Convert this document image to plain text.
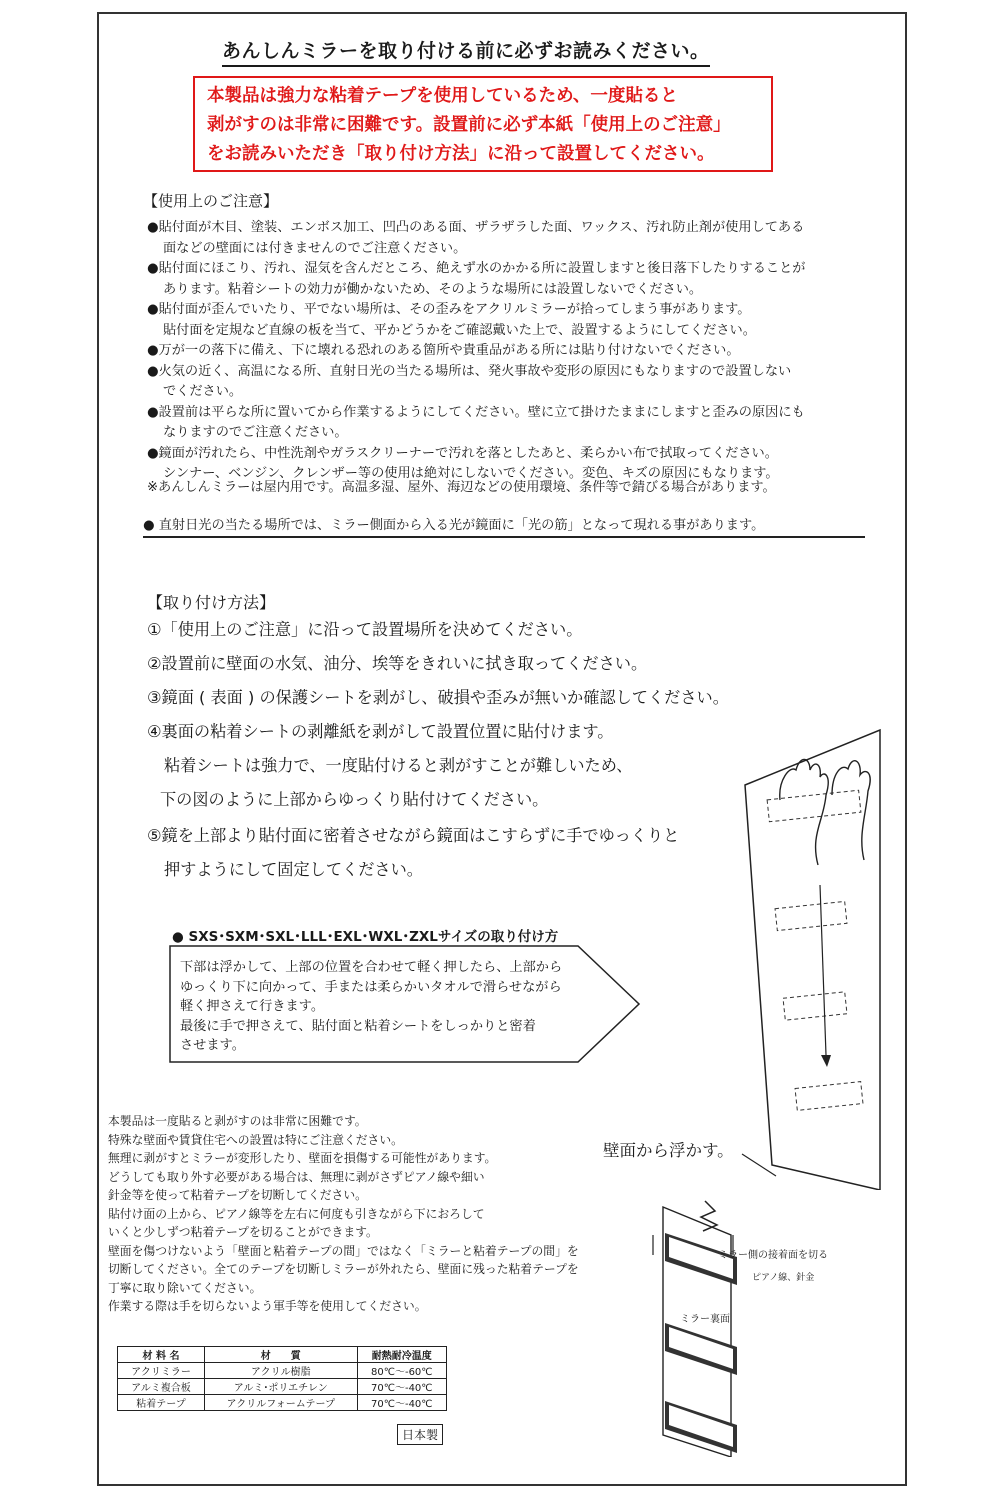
あんしんミラーを取り付ける前に必ずお読みください。
本製品は強力な粘着テープを使用しているため、一度貼ると
剥がすのは非常に困難です。設置前に必ず本紙「使用上のご注意」
をお読みいただき「取り付け方法」に沿って設置してください。
【使用上のご注意】
●貼付面が木目、塗装、エンボス加工、凹凸のある面、ザラザラした面、ワックス、汚れ防止剤が使用してある
面などの壁面には付きませんのでご注意ください。
●貼付面にほこり、汚れ、湿気を含んだところ、絶えず水のかかる所に設置しますと後日落下したりすることが
あります。粘着シートの効力が働かないため、そのような場所には設置しないでください。
●貼付面が歪んでいたり、平でない場所は、その歪みをアクリルミラーが拾ってしまう事があります。
貼付面を定規など直線の板を当て、平かどうかをご確認戴いた上で、設置するようにしてください。
●万が一の落下に備え、下に壊れる恐れのある箇所や貴重品がある所には貼り付けないでください。
●火気の近く、高温になる所、直射日光の当たる場所は、発火事故や変形の原因にもなりますので設置しない
でください。
●設置前は平らな所に置いてから作業するようにしてください。壁に立て掛けたままにしますと歪みの原因にも
なりますのでご注意ください。
●鏡面が汚れたら、中性洗剤やガラスクリーナーで汚れを落としたあと、柔らかい布で拭取ってください。
シンナー、ベンジン、クレンザー等の使用は絶対にしないでください。変色、キズの原因にもなります。
※あんしんミラーは屋内用です。高温多湿、屋外、海辺などの使用環境、条件等で錆びる場合があります。
● 直射日光の当たる場所では、ミラー側面から入る光が鏡面に「光の筋」となって現れる事があります。
【取り付け方法】
①「使用上のご注意」に沿って設置場所を決めてください。
②設置前に壁面の水気、油分、埃等をきれいに拭き取ってください。
③鏡面 ( 表面 ) の保護シートを剥がし、破損や歪みが無いか確認してください。
④裏面の粘着シートの剥離紙を剥がして設置位置に貼付けます。
粘着シートは強力で、一度貼付けると剥がすことが難しいため、
下の図のように上部からゆっくり貼付けてください。
⑤鏡を上部より貼付面に密着させながら鏡面はこすらずに手でゆっくりと
押すようにして固定してください。
● SXS･SXM･SXL･LLL･EXL･WXL･ZXLサイズの取り付け方
下部は浮かして、上部の位置を合わせて軽く押したら、上部から
ゆっくり下に向かって、手または柔らかいタオルで滑らせながら
軽く押さえて行きます。
最後に手で押さえて、貼付面と粘着シートをしっかりと密着
させます。
壁面から浮かす。
本製品は一度貼ると剥がすのは非常に困難です。
特殊な壁面や賃貸住宅への設置は特にご注意ください。
無理に剥がすとミラーが変形したり、壁面を損傷する可能性があります。
どうしても取り外す必要がある場合は、無理に剥がさずピアノ線や細い
針金等を使って粘着テープを切断してください。
貼付け面の上から、ピアノ線等を左右に何度も引きながら下におろして
いくと少しずつ粘着テープを切ることができます。
壁面を傷つけないよう「壁面と粘着テープの間」ではなく「ミラーと粘着テープの間」を
切断してください。全てのテープを切断しミラーが外れたら、壁面に残った粘着テープを
丁寧に取り除いてください。
作業する際は手を切らないよう軍手等を使用してください。
ミラー側の接着面を切る
ピアノ線、針金
ミラー裏面
材 料 名	材　　質	耐熱耐冷温度
アクリミラー	アクリル樹脂	80℃～-60℃
アルミ複合板	アルミ･ポリエチレン	70℃～-40℃
粘着テープ	アクリルフォームテープ	70℃～-40℃
日本製
